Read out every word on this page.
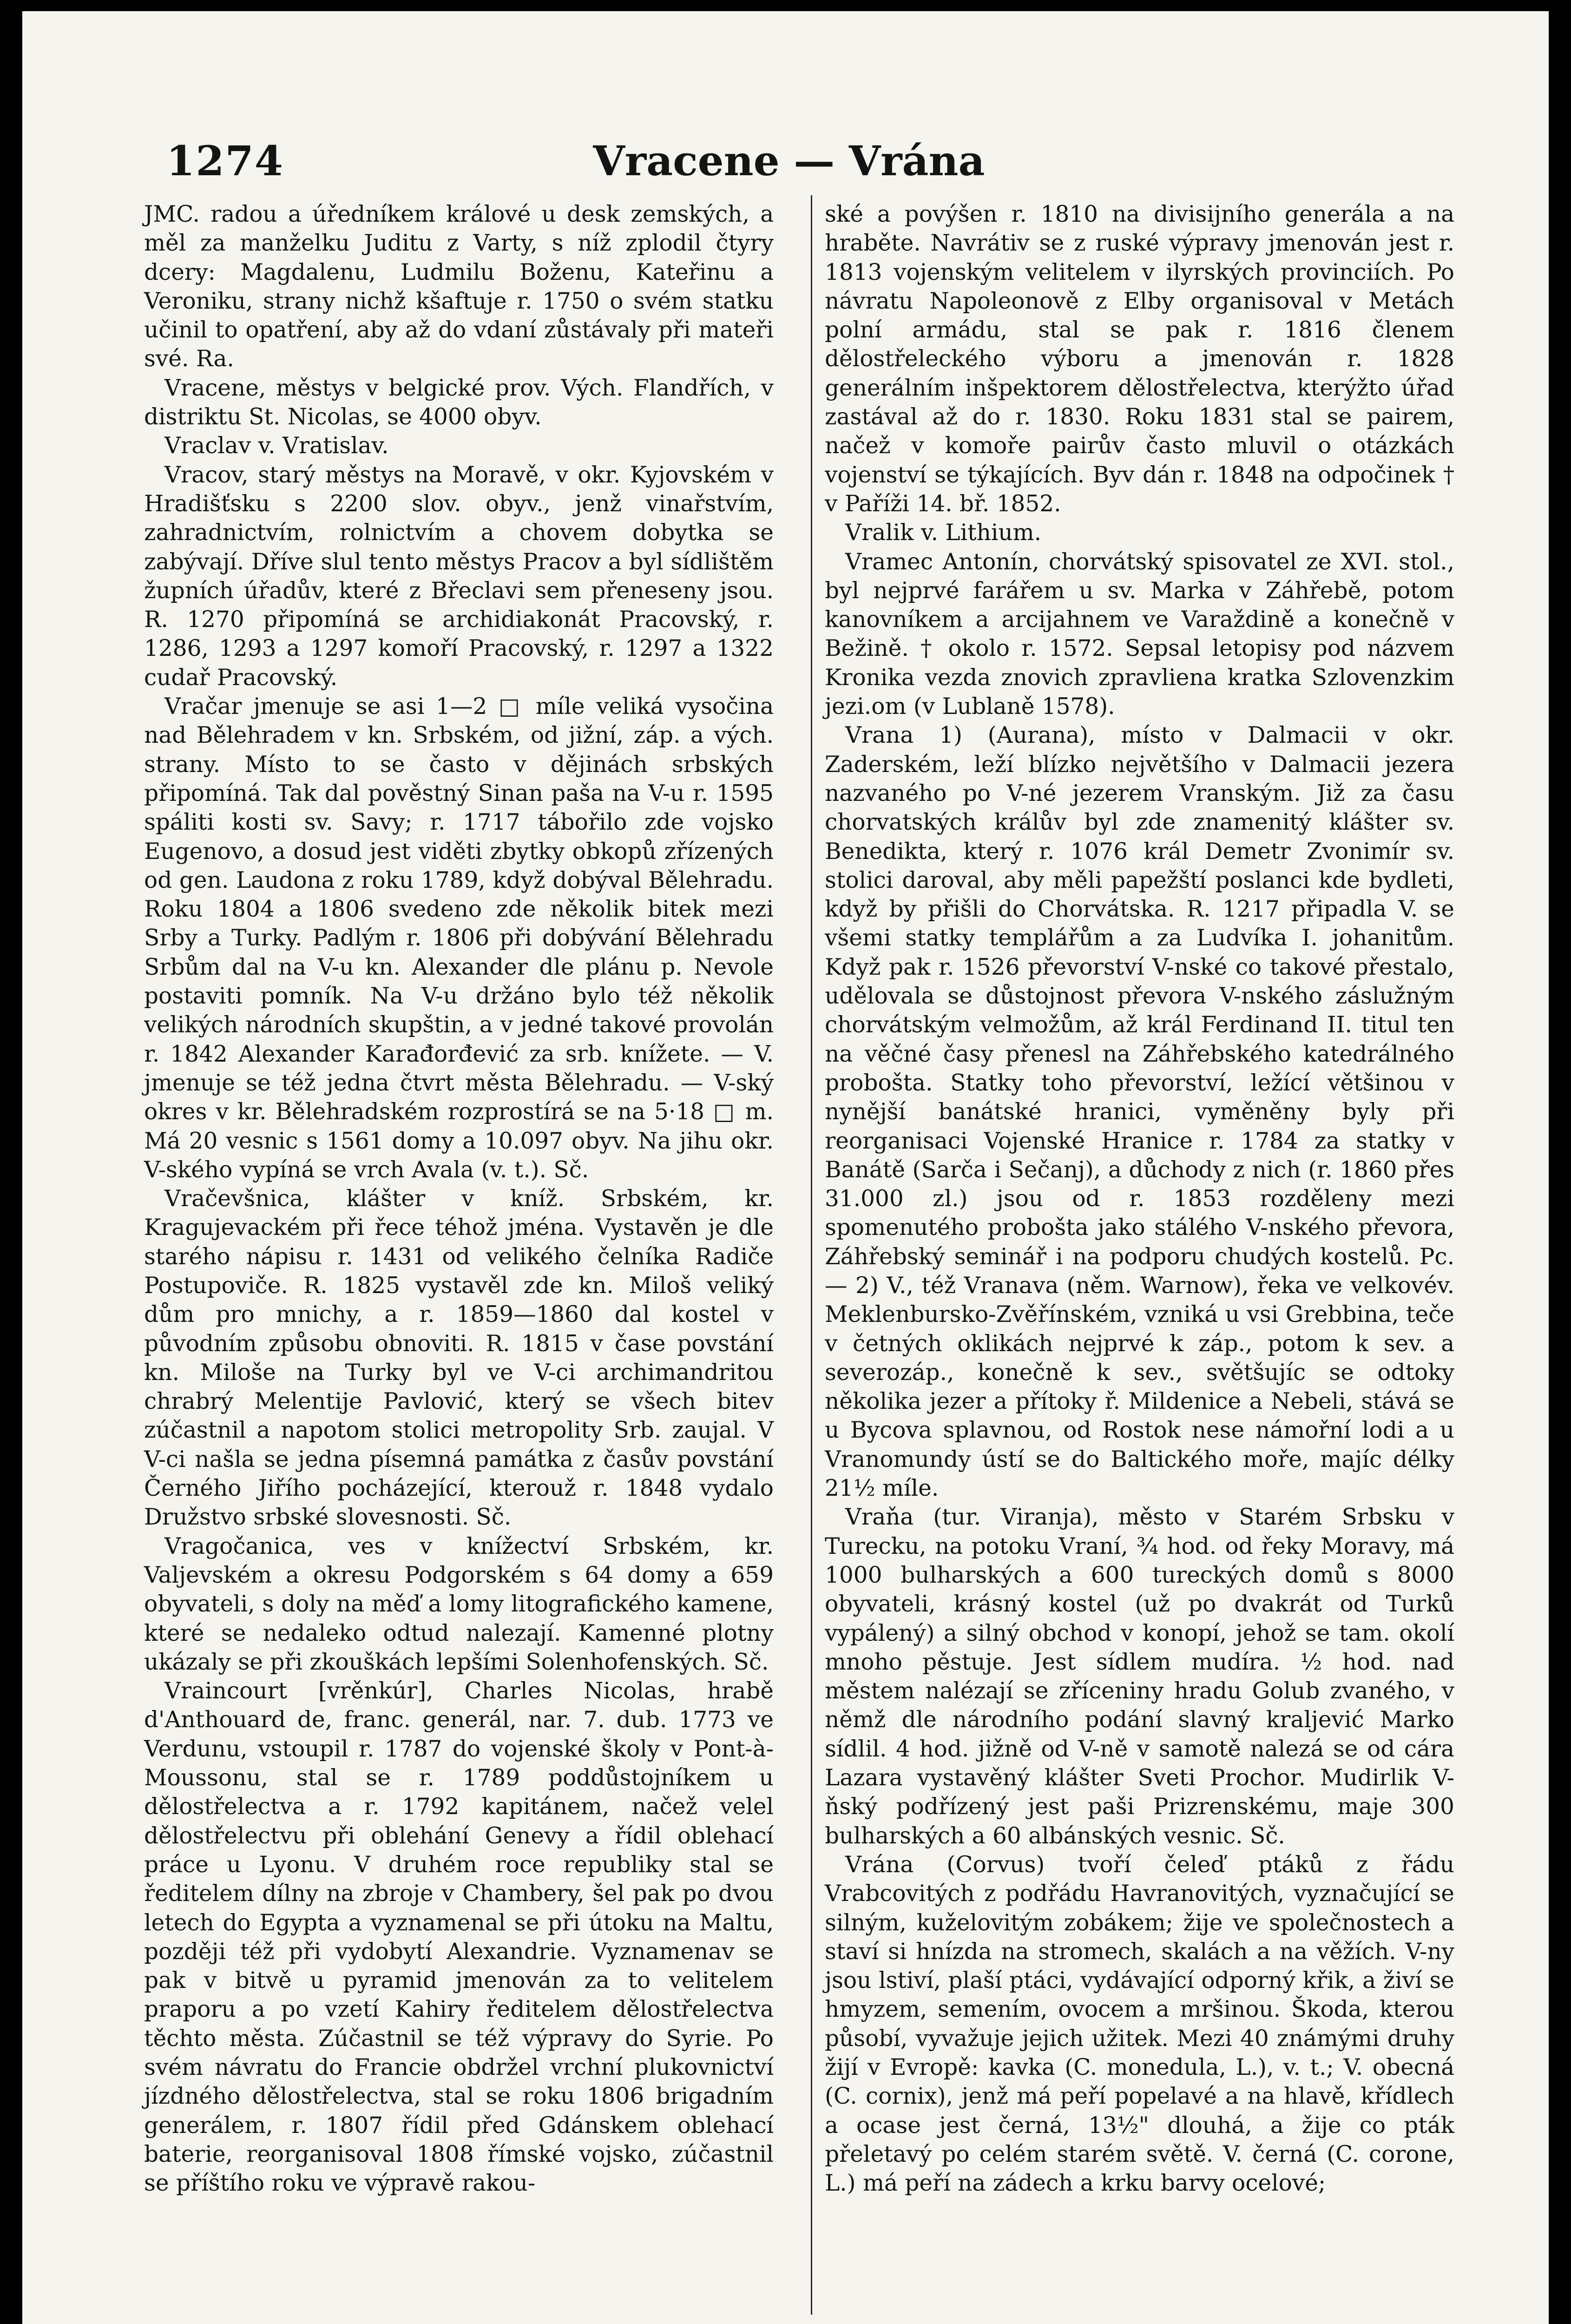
1274	Vracene — Vrána

JMC. radou a úředníkem králové u desk zemských, a měl za manželku Juditu z Varty, s níž zplodil čtyry dcery: Magdalenu, Ludmilu Boženu, Kateřinu a Veroniku, strany nichž kšaftuje r. 1750 o svém statku učinil to opatření, aby až do vdaní zůstávaly při mateři své. Ra.

Vracene, městys v belgické prov. Vých. Flandřích, v distriktu St. Nicolas, se 4000 obyv.

Vraclav v. Vratislav.

Vracov, starý městys na Moravě, v okr. Kyjovském v Hradišťsku s 2200 slov. obyv., jenž vinařstvím, zahradnictvím, rolnictvím a chovem dobytka se zabývají. Dříve slul tento městys Pracov a byl sídlištěm župních úřadův, které z Břeclavi sem přeneseny jsou. R. 1270 připomíná se archidiakonát Pracovský, r. 1286, 1293 a 1297 komoří Pracovský, r. 1297 a 1322 cudař Pracovský.

Vračar jmenuje se asi 1—2 □ míle veliká vysočina nad Bělehradem v kn. Srbském, od jižní, záp. a vých. strany. Místo to se často v dějinách srbských připomíná. Tak dal pověstný Sinan paša na V-u r. 1595 spáliti kosti sv. Savy; r. 1717 tábořilo zde vojsko Eugenovo, a dosud jest viděti zbytky obkopů zřízených od gen. Laudona z roku 1789, když dobýval Bělehradu. Roku 1804 a 1806 svedeno zde několik bitek mezi Srby a Turky. Padlým r. 1806 při dobývání Bělehradu Srbům dal na V-u kn. Alexander dle plánu p. Nevole postaviti pomník. Na V-u držáno bylo též několik velikých národních skupštin, a v jedné takové provolán r. 1842 Alexander Karađorđević za srb. knížete. — V. jmenuje se též jedna čtvrt města Bělehradu. — V-ský okres v kr. Bělehradském rozprostírá se na 5·18 □ m. Má 20 vesnic s 1561 domy a 10.097 obyv. Na jihu okr. V-ského vypíná se vrch Avala (v. t.). Sč.

Vračevšnica, klášter v kníž. Srbském, kr. Kragujevackém při řece téhož jména. Vystavěn je dle starého nápisu r. 1431 od velikého čelníka Radiče Postupoviče. R. 1825 vystavěl zde kn. Miloš veliký dům pro mnichy, a r. 1859—1860 dal kostel v původním způsobu obnoviti. R. 1815 v čase povstání kn. Miloše na Turky byl ve V-ci archimandritou chrabrý Melentije Pavlović, který se všech bitev zúčastnil a napotom stolici metropolity Srb. zaujal. V V-ci našla se jedna písemná památka z časův povstání Černého Jiřího pocházející, kterouž r. 1848 vydalo Družstvo srbské slovesnosti. Sč.

Vragočanica, ves v knížectví Srbském, kr. Valjevském a okresu Podgorském s 64 domy a 659 obyvateli, s doly na měď a lomy litografického kamene, které se nedaleko odtud nalezají. Kamenné plotny ukázaly se při zkouškách lepšími Solenhofenských. Sč.

Vraincourt [vrěnkúr], Charles Nicolas, hrabě d'Anthouard de, franc. generál, nar. 7. dub. 1773 ve Verdunu, vstoupil r. 1787 do vojenské školy v Pont-à-Moussonu, stal se r. 1789 poddůstojníkem u dělostřelectva a r. 1792 kapitánem, načež velel dělostřelectvu při oblehání Genevy a řídil oblehací práce u Lyonu. V druhém roce republiky stal se ředitelem dílny na zbroje v Chambery, šel pak po dvou letech do Egypta a vyznamenal se při útoku na Maltu, později též při vydobytí Alexandrie. Vyznamenav se pak v bitvě u pyramid jmenován za to velitelem praporu a po vzetí Kahiry ředitelem dělostřelectva těchto města. Zúčastnil se též výpravy do Syrie. Po svém návratu do Francie obdržel vrchní plukovnictví jízdného dělostřelectva, stal se roku 1806 brigadním generálem, r. 1807 řídil před Gdánskem oblehací baterie, reorganisoval 1808 římské vojsko, zúčastnil se příštího roku ve výpravě rakou-

ské a povýšen r. 1810 na divisijního generála a na hraběte. Navrátiv se z ruské výpravy jmenován jest r. 1813 vojenským velitelem v ilyrských provinciích. Po návratu Napoleonově z Elby organisoval v Metách polní armádu, stal se pak r. 1816 členem dělostřeleckého výboru a jmenován r. 1828 generálním inšpektorem dělostřelectva, kterýžto úřad zastával až do r. 1830. Roku 1831 stal se pairem, načež v komoře pairův často mluvil o otázkách vojenství se týkajících. Byv dán r. 1848 na odpočinek † v Paříži 14. bř. 1852.

Vralik v. Lithium.

Vramec Antonín, chorvátský spisovatel ze XVI. stol., byl nejprvé farářem u sv. Marka v Záhřebě, potom kanovníkem a arcijahnem ve Varaždině a konečně v Bežině. † okolo r. 1572. Sepsal letopisy pod názvem Kronika vezda znovich zpravliena kratka Szlovenzkim jezi.om (v Lublaně 1578).

Vrana 1) (Aurana), místo v Dalmacii v okr. Zaderském, leží blízko největšího v Dalmacii jezera nazvaného po V-né jezerem Vranským. Již za času chorvatských králův byl zde znamenitý klášter sv. Benedikta, který r. 1076 král Demetr Zvonimír sv. stolici daroval, aby měli papežští poslanci kde bydleti, když by přišli do Chorvátska. R. 1217 připadla V. se všemi statky templářům a za Ludvíka I. johanitům. Když pak r. 1526 převorství V-nské co takové přestalo, udělovala se důstojnost převora V-nského záslužným chorvátským velmožům, až král Ferdinand II. titul ten na věčné časy přenesl na Záhřebského katedrálného probošta. Statky toho převorství, ležící většinou v nynější banátské hranici, vyměněny byly při reorganisaci Vojenské Hranice r. 1784 za statky v Banátě (Sarča i Sečanj), a důchody z nich (r. 1860 přes 31.000 zl.) jsou od r. 1853 rozděleny mezi spomenutého probošta jako stálého V-nského převora, Záhřebský seminář i na podporu chudých kostelů. Pc. — 2) V., též Vranava (něm. Warnow), řeka ve velkovév. Meklenbursko-Zvěřínském, vzniká u vsi Grebbina, teče v četných oklikách nejprvé k záp., potom k sev. a severozáp., konečně k sev., světšujíc se odtoky několika jezer a přítoky ř. Mildenice a Nebeli, stává se u Bycova splavnou, od Rostok nese námořní lodi a u Vranomundy ústí se do Baltického moře, majíc délky 21½ míle.

Vraňa (tur. Viranja), město v Starém Srbsku v Turecku, na potoku Vraní, ¾ hod. od řeky Moravy, má 1000 bulharských a 600 tureckých domů s 8000 obyvateli, krásný kostel (už po dvakrát od Turků vypálený) a silný obchod v konopí, jehož se tam. okolí mnoho pěstuje. Jest sídlem mudíra. ½ hod. nad městem nalézají se zříceniny hradu Golub zvaného, v němž dle národního podání slavný kraljević Marko sídlil. 4 hod. jižně od V-ně v samotě nalezá se od cára Lazara vystavěný klášter Sveti Prochor. Mudirlik V-ňský podřízený jest paši Prizrenskému, maje 300 bulharských a 60 albánských vesnic. Sč.

Vrána (Corvus) tvoří čeleď ptáků z řádu Vrabcovitých z podřádu Havranovitých, vyznačující se silným, kuželovitým zobákem; žije ve společnostech a staví si hnízda na stromech, skalách a na věžích. V-ny jsou lstiví, plaší ptáci, vydávající odporný křik, a živí se hmyzem, semením, ovocem a mršinou. Škoda, kterou působí, vyvažuje jejich užitek. Mezi 40 známými druhy žijí v Evropě: kavka (C. monedula, L.), v. t.; V. obecná (C. cornix), jenž má peří popelavé a na hlavě, křídlech a ocase jest černá, 13½" dlouhá, a žije co pták přeletavý po celém starém světě. V. černá (C. corone, L.) má peří na zádech a krku barvy ocelové;
